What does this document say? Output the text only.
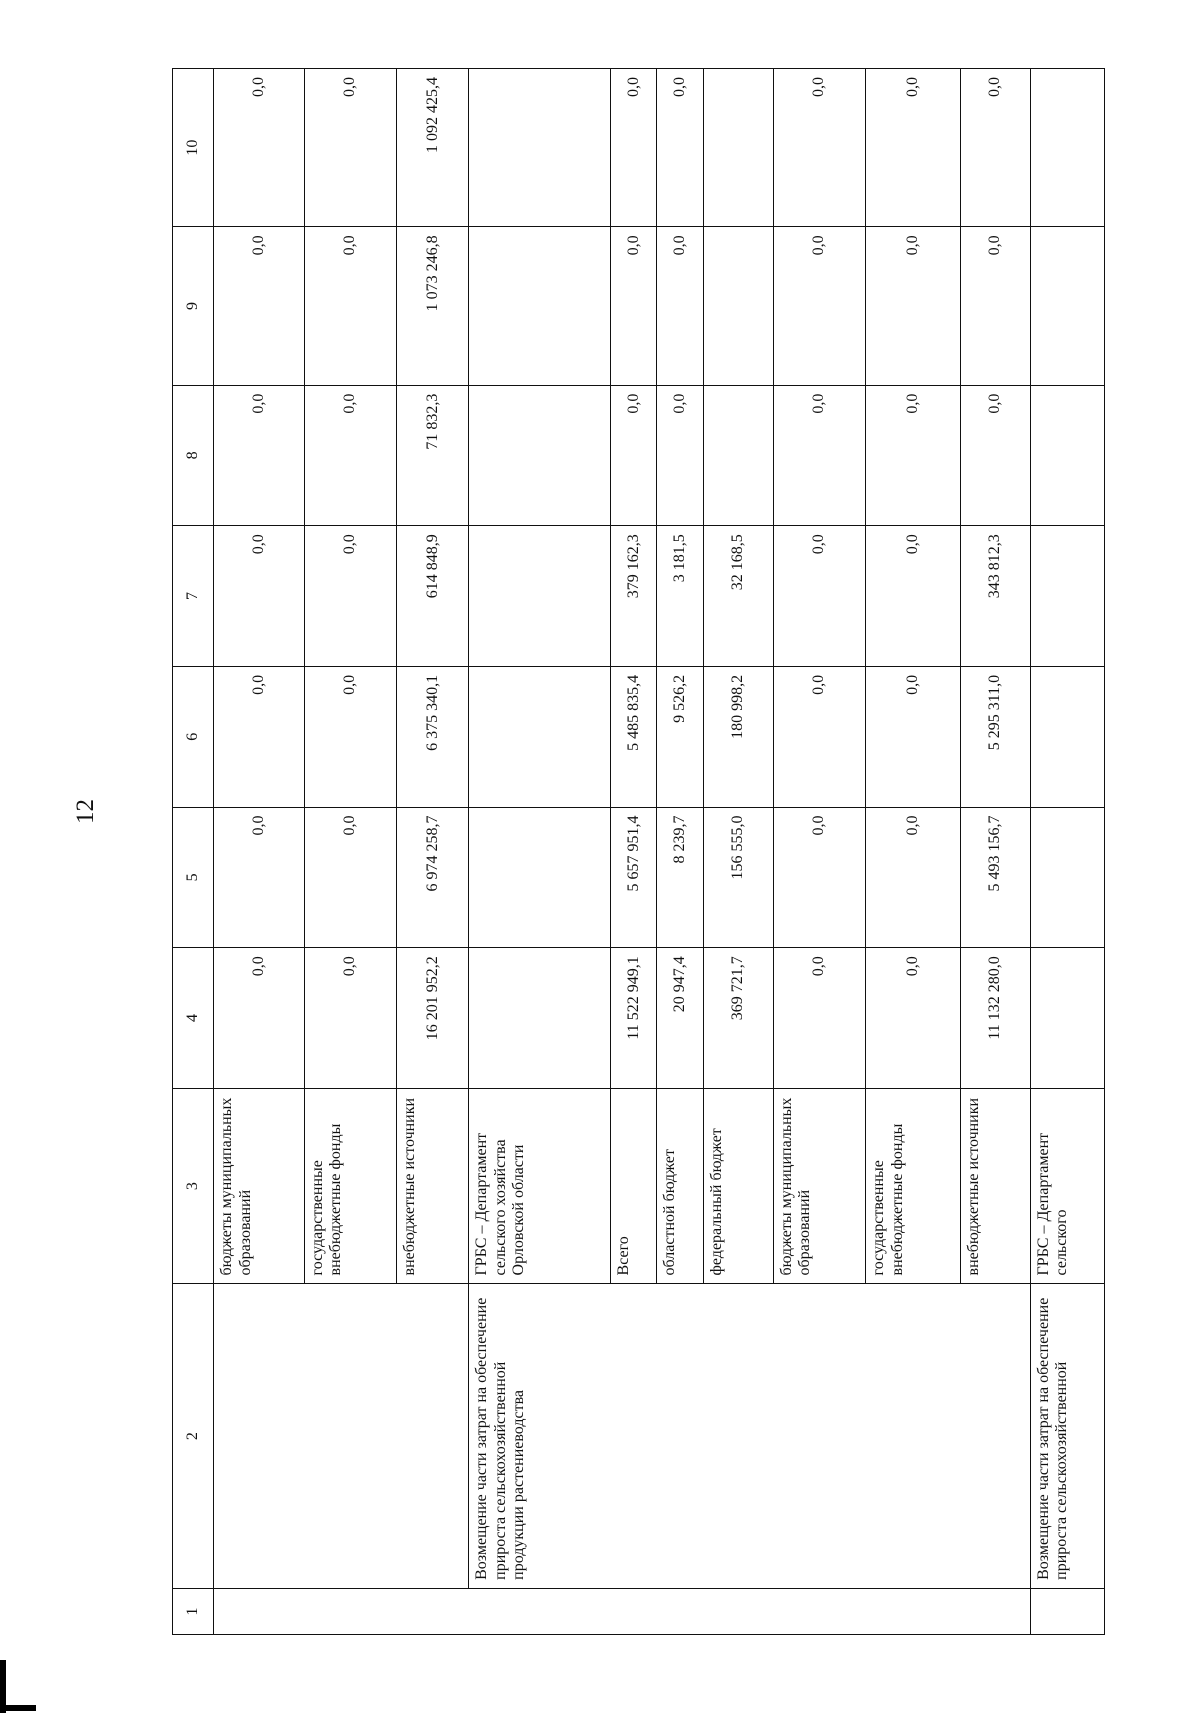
12
1	2	3	4	5	6	7	8	9	10
		бюджеты муниципальных образований	0,0	0,0	0,0	0,0	0,0	0,0	0,0
		государственные внебюджетные фонды	0,0	0,0	0,0	0,0	0,0	0,0	0,0
		внебюджетные источники	16 201 952,2	6 974 258,7	6 375 340,1	614 848,9	71 832,3	1 073 246,8	1 092 425,4
	Возмещение части затрат на обеспечение прироста сельскохозяйственной продукции растениеводства	ГРБС – Департамент сельского хозяйства Орловской области							
		Всего	11 522 949,1	5 657 951,4	5 485 835,4	379 162,3	0,0	0,0	0,0
		областной бюджет	20 947,4	8 239,7	9 526,2	3 181,5	0,0	0,0	0,0
		федеральный бюджет	369 721,7	156 555,0	180 998,2	32 168,5			
		бюджеты муниципальных образований	0,0	0,0	0,0	0,0	0,0	0,0	0,0
		государственные внебюджетные фонды	0,0	0,0	0,0	0,0	0,0	0,0	0,0
		внебюджетные источники	11 132 280,0	5 493 156,7	5 295 311,0	343 812,3	0,0	0,0	0,0
	Возмещение части затрат на обеспечение прироста сельскохозяйственной	ГРБС – Департамент сельского							
